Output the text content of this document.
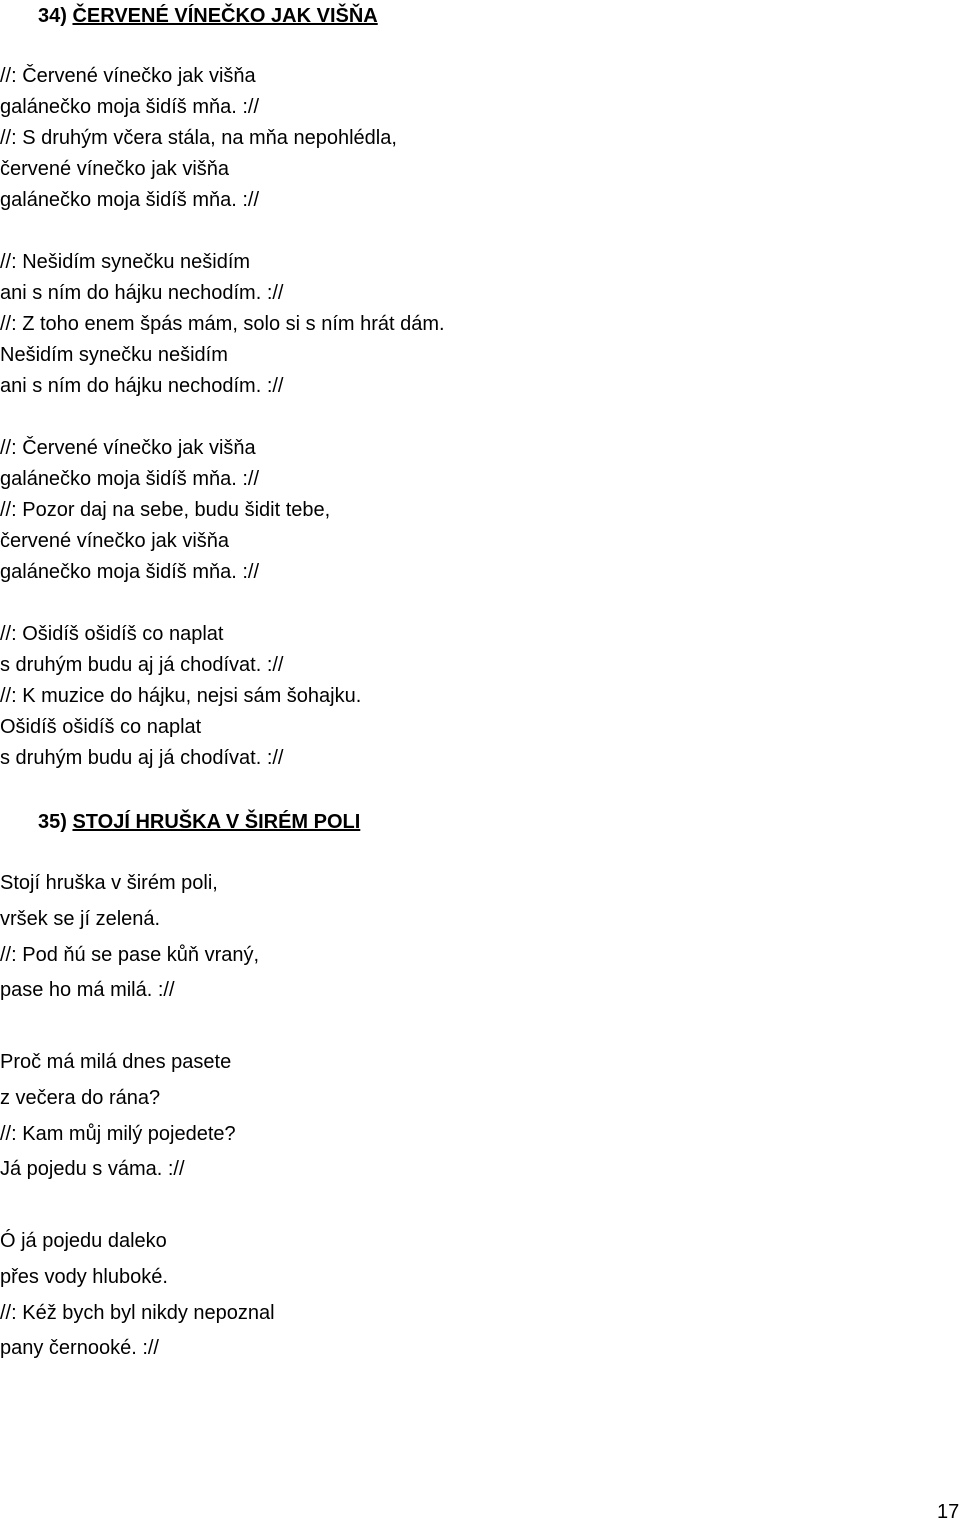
34) ČERVENÉ VÍNEČKO JAK VIŠŇA
//: Červené vínečko jak višňa
galánečko moja šidíš mňa. ://
//: S druhým včera stála, na mňa nepohlédla,
červené vínečko jak višňa
galánečko moja šidíš mňa. ://
//: Nešidím synečku nešidím
ani s ním do hájku nechodím. ://
//: Z toho enem špás mám, solo si s ním hrát dám.
Nešidím synečku nešidím
ani s ním do hájku nechodím. ://
//: Červené vínečko jak višňa
galánečko moja šidíš mňa. ://
//: Pozor daj na sebe, budu šidit tebe,
červené vínečko jak višňa
galánečko moja šidíš mňa. ://
//: Ošidíš ošidíš co naplat
s druhým budu aj já chodívat. ://
//: K muzice do hájku, nejsi sám šohajku.
Ošidíš ošidíš co naplat
s druhým budu aj já chodívat. ://
35) STOJÍ HRUŠKA V ŠIRÉM POLI
Stojí hruška v širém poli,
vršek se jí zelená.
//: Pod ňú se pase kůň vraný,
pase ho má milá. ://
Proč má milá dnes pasete
z večera do rána?
//: Kam můj milý pojedete?
Já pojedu s váma. ://
Ó já pojedu daleko
přes vody hluboké.
//: Kéž bych byl nikdy nepoznal
pany černooké. ://
17
